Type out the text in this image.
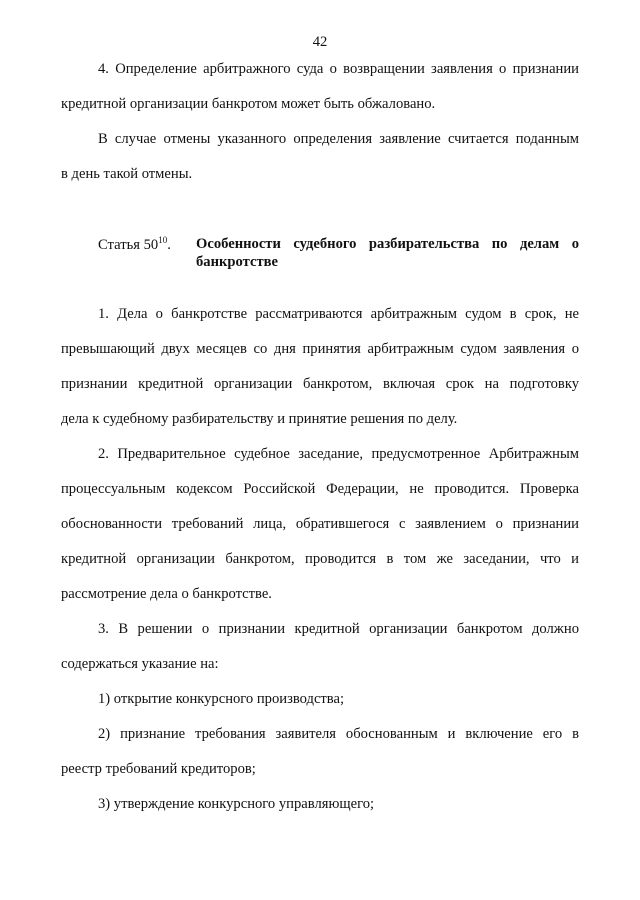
42
4. Определение арбитражного суда о возвращении заявления о признании
кредитной организации банкротом может быть обжаловано.
В случае отмены указанного определения заявление считается поданным
в день такой отмены.
Статья $50^{10}$. Особенности судебного разбирательства по делам о
банкротстве
1. Дела о банкротстве рассматриваются арбитражным судом в срок, не
превышающий двух месяцев со дня принятия арбитражным судом заявления о
признании кредитной организации банкротом, включая срок на подготовку
дела к судебному разбирательству и принятие решения по делу.
2. Предварительное судебное заседание, предусмотренное Арбитражным
процессуальным кодексом Российской Федерации, не проводится. Проверка
обоснованности требований лица, обратившегося с заявлением о признании
кредитной организации банкротом, проводится в том же заседании, что и
рассмотрение дела о банкротстве.
3. В решении о признании кредитной организации банкротом должно
содержаться указание на:
1) открытие конкурсного производства;
2) признание требования заявителя обоснованным и включение его в
реестр требований кредиторов;
3) утверждение конкурсного управляющего;
